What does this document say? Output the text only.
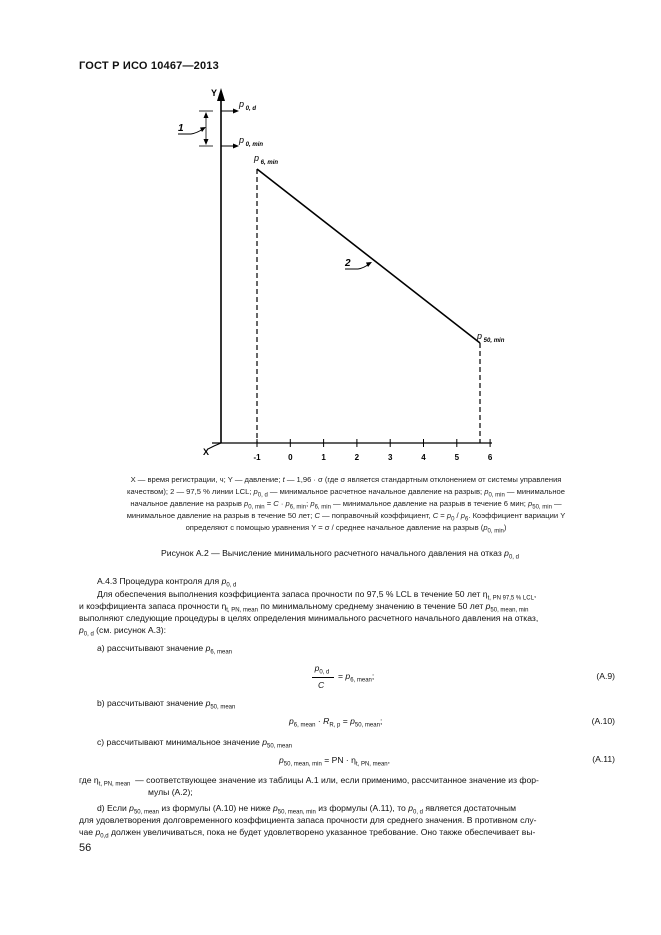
ГОСТ Р ИСО 10467—2013
Y
X
-1	0	1	2	3	4	5	6
p $_{0, d}$
p $_{0, min}$
1
p $_{6, min}$
p $_{50, min}$
2
X — время регистрации, ч; Y — давление; t — 1,96 · σ (где σ является стандартным отклонением от системы управления
качеством); 2 — 97,5 % линии LCL; $p_{0, d}$ — минимальное расчетное начальное давление на разрыв; $p_{0, min}$ — минимальное
начальное давление на разрыв $p_{0, min} = C \cdot p_{6, min}$; $p_{6, min}$ — минимальное давление на разрыв в течение 6 мин; $p_{50, min}$ —
минимальное давление на разрыв в течение 50 лет; C — поправочный коэффициент, $C = p_0 / p_6$. Коэффициент вариации Y
определяют с помощью уравнения Y = σ / среднее начальное давление на разрыв $(p_{0, min})$
Рисунок А.2 — Вычисление минимального расчетного начального давления на отказ $p_{0, d}$
А.4.3 Процедура контроля для $p_{0, d}$
Для обеспечения выполнения коэффициента запаса прочности по 97,5 % LCL в течение 50 лет $\eta_{t, PN 97,5 \% LCL}$,
и коэффициента запаса прочности $\eta_{t, PN, mean}$ по минимальному среднему значению в течение 50 лет $p_{50, mean, min}$
выполняют следующие процедуры в целях определения минимального расчетного начального давления на отказ,
$p_{0, d}$ (см. рисунок А.3):
а) рассчитывают значение $p_{6, mean}$
$p_{0, d}$
C
= $p_{6, mean}$;	(A.9)
b) рассчитывают значение $p_{50, mean}$
$p_{6, mean} \cdot R_{R, p} = p_{50, mean}$;	(A.10)
с) рассчитывают минимальное значение $p_{50, mean}$
$p_{50, mean, min}$ = PN · $\eta_{t, PN, mean}$,	(A.11)
где $\eta_{t, PN, mean}$  — соответствующее значение из таблицы А.1 или, если применимо, рассчитанное значение из фор-
мулы (А.2);
d) Если $p_{50, mean}$ из формулы (А.10) не ниже $p_{50, mean, min}$ из формулы (А.11), то $p_{0, d}$ является достаточным
для удовлетворения долговременного коэффициента запаса прочности для среднего значения. В противном слу-
чае $p_{0,d}$ должен увеличиваться, пока не будет удовлетворено указанное требование. Оно также обеспечивает вы-
56
